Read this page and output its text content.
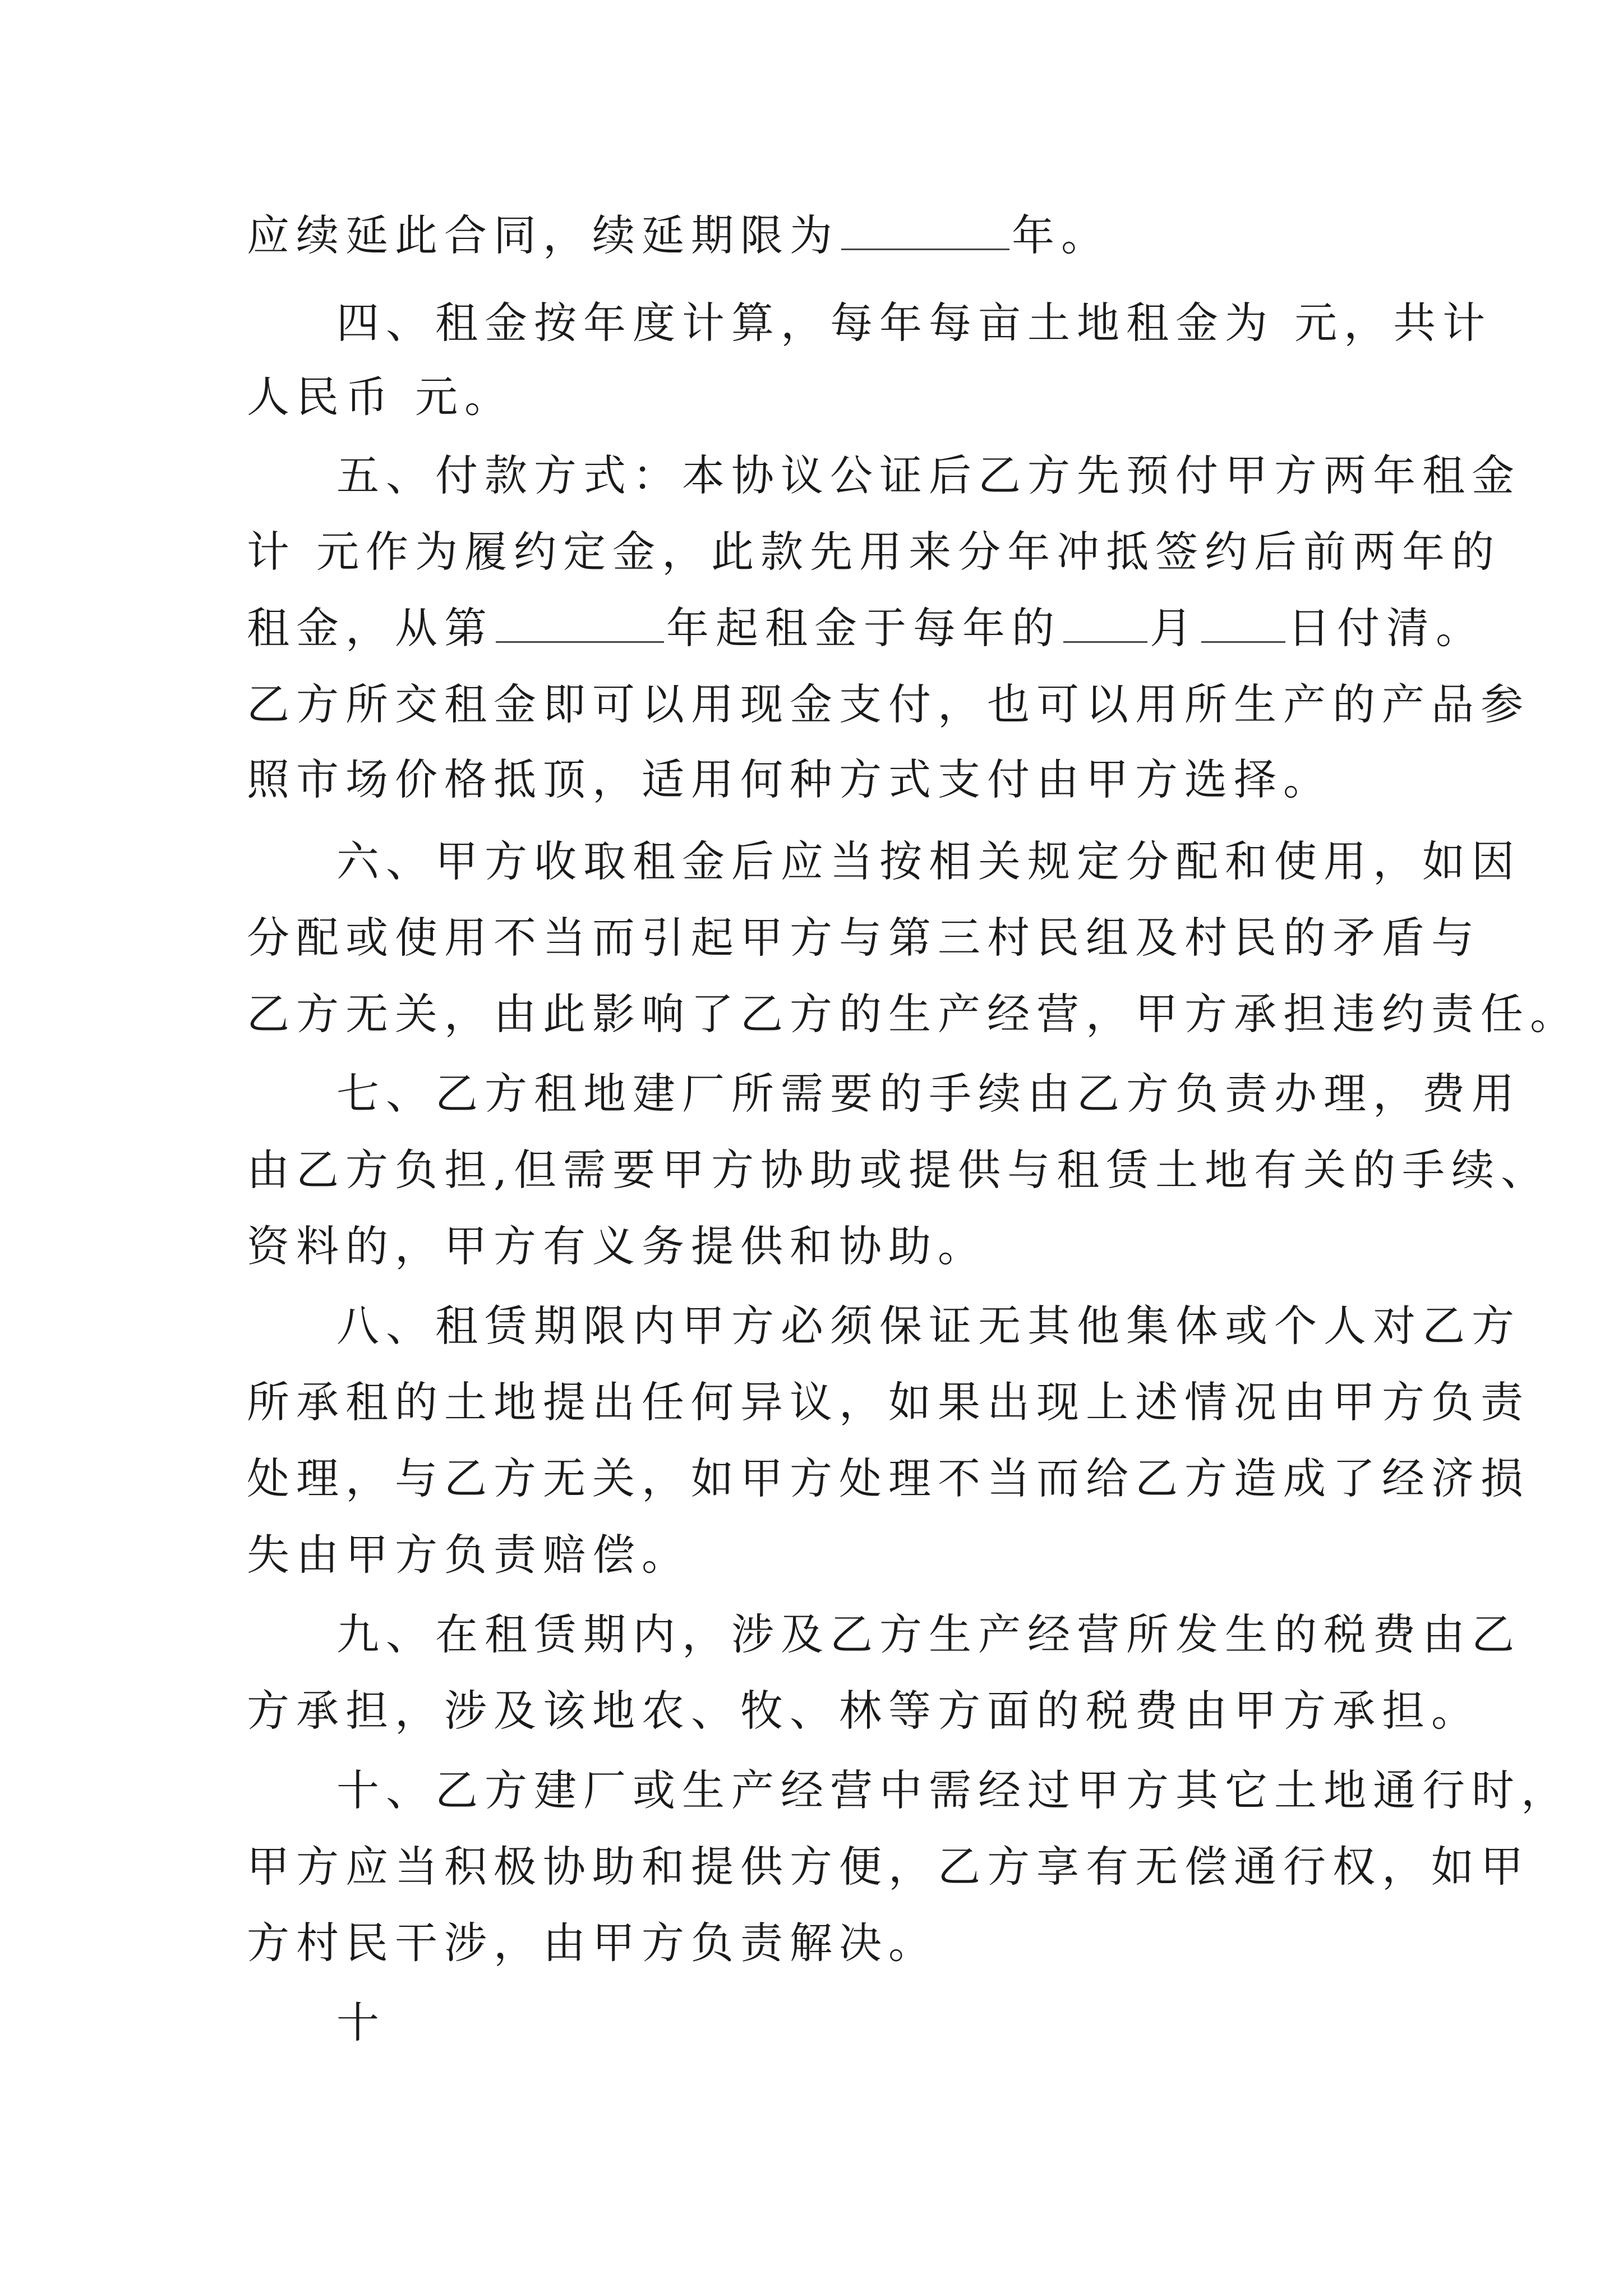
应续延此合同，续延期限为	年。
四、租金按年度计算，每年每亩土地租金为 元，共计
人民币 元。
五、付款方式：本协议公证后乙方先预付甲方两年租金
计 元作为履约定金，此款先用来分年冲抵签约后前两年的
租金，从第	年起租金于每年的 月 日付清。
乙方所交租金即可以用现金支付，也可以用所生产的产品参
照市场价格抵顶，适用何种方式支付由甲方选择。
六、甲方收取租金后应当按相关规定分配和使用，如因
分配或使用不当而引起甲方与第三村民组及村民的矛盾与
乙方无关，由此影响了乙方的生产经营，甲方承担违约责任。
七、乙方租地建厂所需要的手续由乙方负责办理，费用
由乙方负担,但需要甲方协助或提供与租赁土地有关的手续、
资料的，甲方有义务提供和协助。
八、租赁期限内甲方必须保证无其他集体或个人对乙方
所承租的土地提出任何异议，如果出现上述情况由甲方负责
处理，与乙方无关，如甲方处理不当而给乙方造成了经济损
失由甲方负责赔偿。
九、在租赁期内，涉及乙方生产经营所发生的税费由乙
方承担，涉及该地农、牧、林等方面的税费由甲方承担。
十、乙方建厂或生产经营中需经过甲方其它土地通行时，
甲方应当积极协助和提供方便，乙方享有无偿通行权，如甲
方村民干涉，由甲方负责解决。
十
